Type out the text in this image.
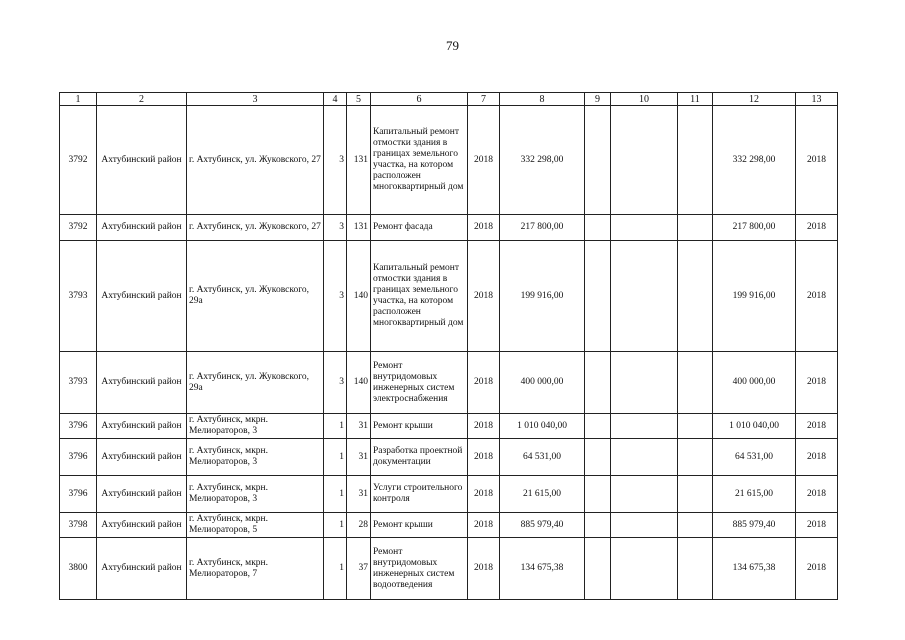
79
1	2	3	4	5	6	7	8	9	10	11	12	13
3792	Ахтубинский район	г. Ахтубинск, ул. Жуковского, 27	3	131	Капитальный ремонт отмостки здания в границах земельного участка, на котором расположен многоквартирный дом	2018	332 298,00				332 298,00	2018
3792	Ахтубинский район	г. Ахтубинск, ул. Жуковского, 27	3	131	Ремонт фасада	2018	217 800,00				217 800,00	2018
3793	Ахтубинский район	г. Ахтубинск, ул. Жуковского, 29а	3	140	Капитальный ремонт отмостки здания в границах земельного участка, на котором расположен многоквартирный дом	2018	199 916,00				199 916,00	2018
3793	Ахтубинский район	г. Ахтубинск, ул. Жуковского, 29а	3	140	Ремонт внутридомовых инженерных систем электроснабжения	2018	400 000,00				400 000,00	2018
3796	Ахтубинский район	г. Ахтубинск, мкрн. Мелиораторов, 3	1	31	Ремонт крыши	2018	1 010 040,00				1 010 040,00	2018
3796	Ахтубинский район	г. Ахтубинск, мкрн. Мелиораторов, 3	1	31	Разработка проектной документации	2018	64 531,00				64 531,00	2018
3796	Ахтубинский район	г. Ахтубинск, мкрн. Мелиораторов, 3	1	31	Услуги строительного контроля	2018	21 615,00				21 615,00	2018
3798	Ахтубинский район	г. Ахтубинск, мкрн. Мелиораторов, 5	1	28	Ремонт крыши	2018	885 979,40				885 979,40	2018
3800	Ахтубинский район	г. Ахтубинск, мкрн. Мелиораторов, 7	1	37	Ремонт внутридомовых инженерных систем водоотведения	2018	134 675,38				134 675,38	2018
